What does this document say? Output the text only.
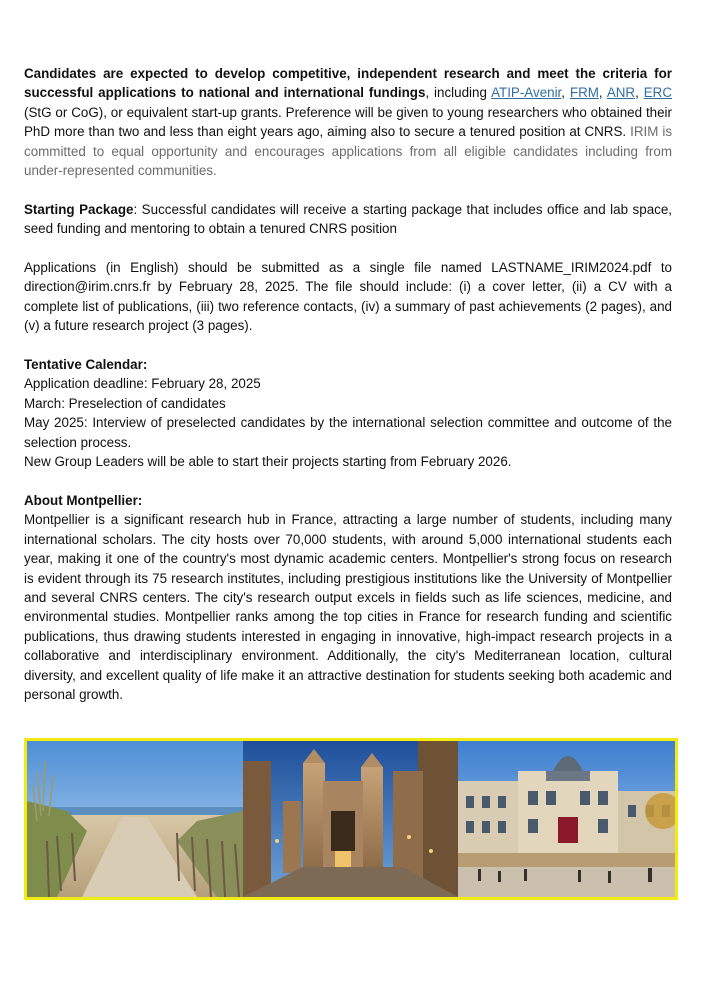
Candidates are expected to develop competitive, independent research and meet the criteria for successful applications to national and international fundings, including ATIP-Avenir, FRM, ANR, ERC (StG or CoG), or equivalent start-up grants. Preference will be given to young researchers who obtained their PhD more than two and less than eight years ago, aiming also to secure a tenured position at CNRS. IRIM is committed to equal opportunity and encourages applications from all eligible candidates including from under-represented communities.

Starting Package: Successful candidates will receive a starting package that includes office and lab space, seed funding and mentoring to obtain a tenured CNRS position

Applications (in English) should be submitted as a single file named LASTNAME_IRIM2024.pdf to direction@irim.cnrs.fr by February 28, 2025. The file should include: (i) a cover letter, (ii) a CV with a complete list of publications, (iii) two reference contacts, (iv) a summary of past achievements (2 pages), and (v) a future research project (3 pages).

Tentative Calendar:
Application deadline: February 28, 2025
March: Preselection of candidates
May 2025: Interview of preselected candidates by the international selection committee and outcome of the selection process.
New Group Leaders will be able to start their projects starting from February 2026.

About Montpellier:
Montpellier is a significant research hub in France, attracting a large number of students, including many international scholars. The city hosts over 70,000 students, with around 5,000 international students each year, making it one of the country's most dynamic academic centers. Montpellier's strong focus on research is evident through its 75 research institutes, including prestigious institutions like the University of Montpellier and several CNRS centers. The city's research output excels in fields such as life sciences, medicine, and environmental studies. Montpellier ranks among the top cities in France for research funding and scientific publications, thus drawing students interested in engaging in innovative, high-impact research projects in a collaborative and interdisciplinary environment. Additionally, the city's Mediterranean location, cultural diversity, and excellent quality of life make it an attractive destination for students seeking both academic and personal growth.
